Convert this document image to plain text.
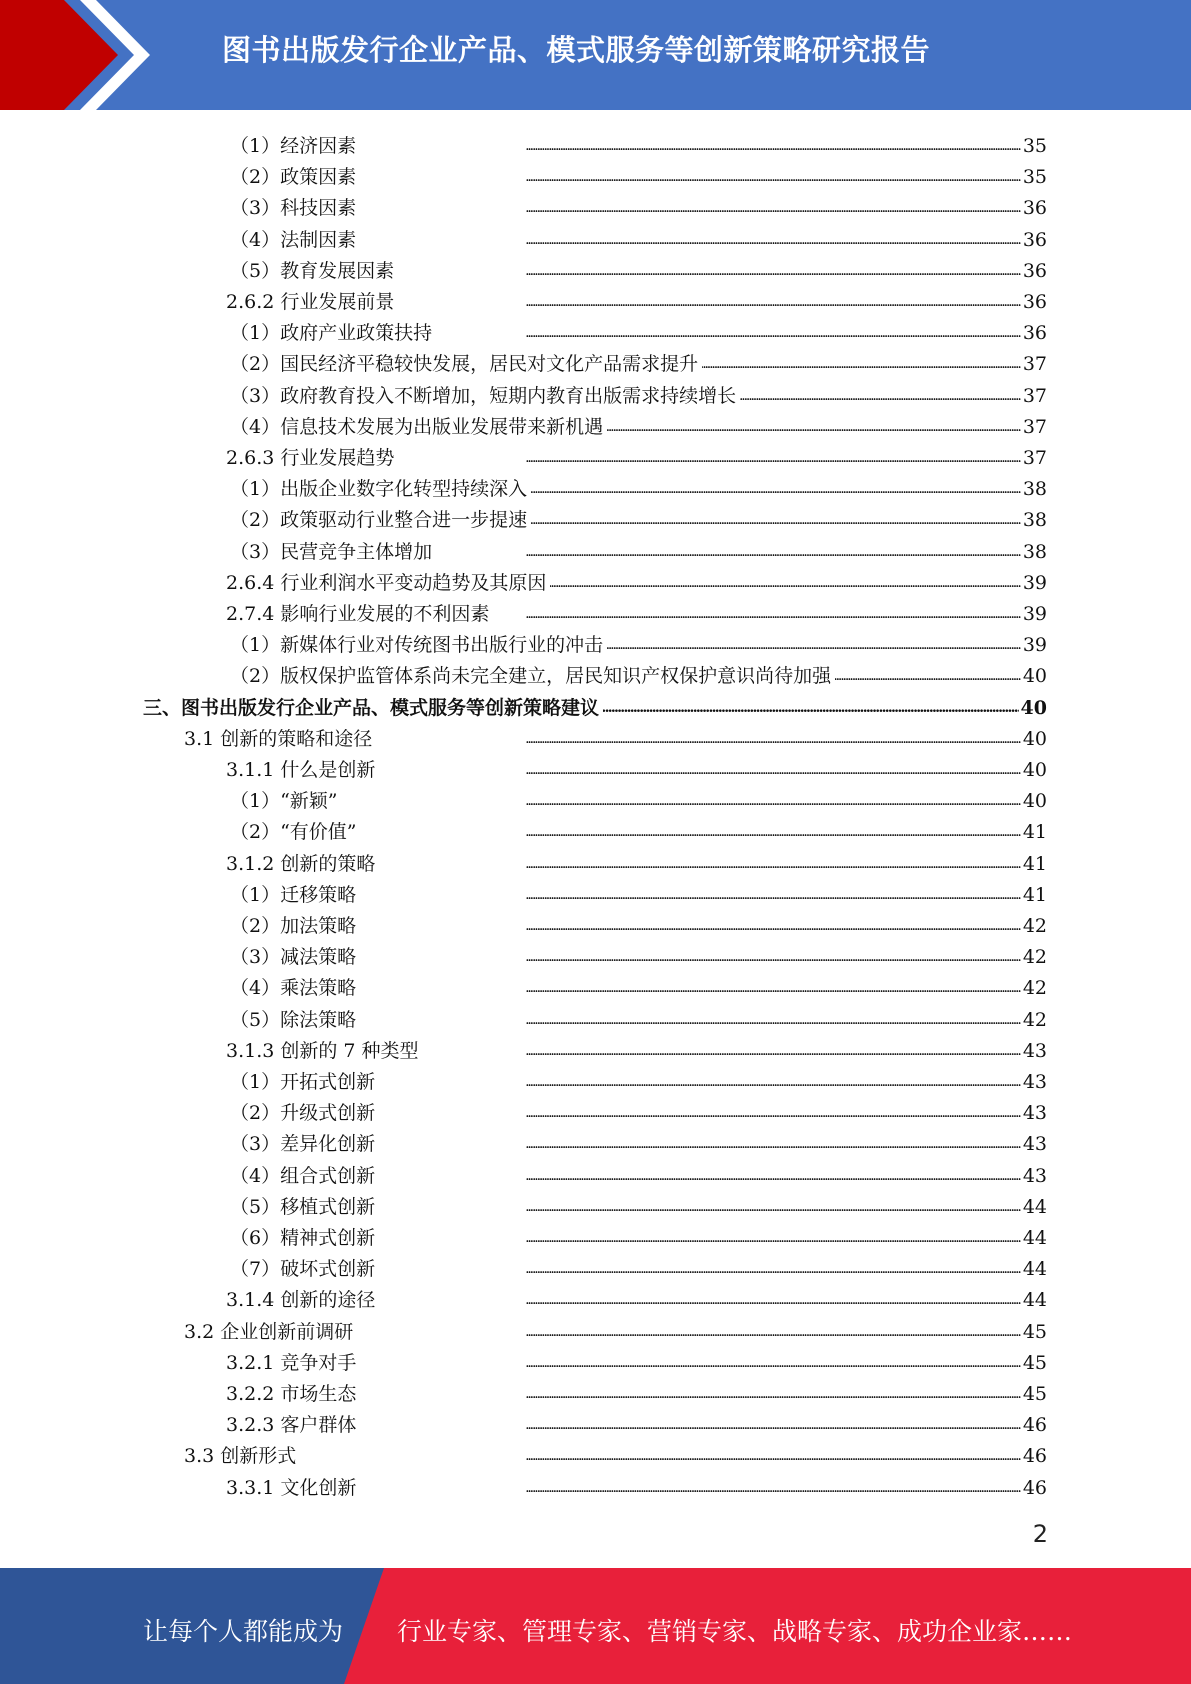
图书出版发行企业产品、模式服务等创新策略研究报告
（1）经济因素 . . .	35
（2）政策因素 . . .	35
（3）科技因素 . . .	36
（4）法制因素 . . .	36
（5）教育发展因素 . . .	36
2.6.2 行业发展前景 . . .	36
（1）政府产业政策扶持 . . .	36
（2）国民经济平稳较快发展，居民对文化产品需求提升 . . .	37
（3）政府教育投入不断增加，短期内教育出版需求持续增长 . . .	37
（4）信息技术发展为出版业发展带来新机遇 . . .	37
2.6.3 行业发展趋势 . . .	37
（1）出版企业数字化转型持续深入 . . .	38
（2）政策驱动行业整合进一步提速 . . .	38
（3）民营竞争主体增加 . . .	38
2.6.4 行业利润水平变动趋势及其原因 . . .	39
2.7.4 影响行业发展的不利因素 . . .	39
（1）新媒体行业对传统图书出版行业的冲击 . . .	39
（2）版权保护监管体系尚未完全建立，居民知识产权保护意识尚待加强 . . .	40
三、图书出版发行企业产品、模式服务等创新策略建议 . . .	40
3.1 创新的策略和途径 . . .	40
3.1.1 什么是创新 . . .	40
（1）“新颖” . . .	40
（2）“有价值” . . .	41
3.1.2 创新的策略 . . .	41
（1）迁移策略 . . .	41
（2）加法策略 . . .	42
（3）减法策略 . . .	42
（4）乘法策略 . . .	42
（5）除法策略 . . .	42
3.1.3 创新的 7 种类型 . . .	43
（1）开拓式创新 . . .	43
（2）升级式创新 . . .	43
（3）差异化创新 . . .	43
（4）组合式创新 . . .	43
（5）移植式创新 . . .	44
（6）精神式创新 . . .	44
（7）破坏式创新 . . .	44
3.1.4 创新的途径 . . .	44
3.2 企业创新前调研 . . .	45
3.2.1 竞争对手 . . .	45
3.2.2 市场生态 . . .	45
3.2.3 客户群体 . . .	46
3.3 创新形式 . . .	46
3.3.1 文化创新 . . .	46
2
让每个人都能成为 行业专家、管理专家、营销专家、战略专家、成功企业家……
